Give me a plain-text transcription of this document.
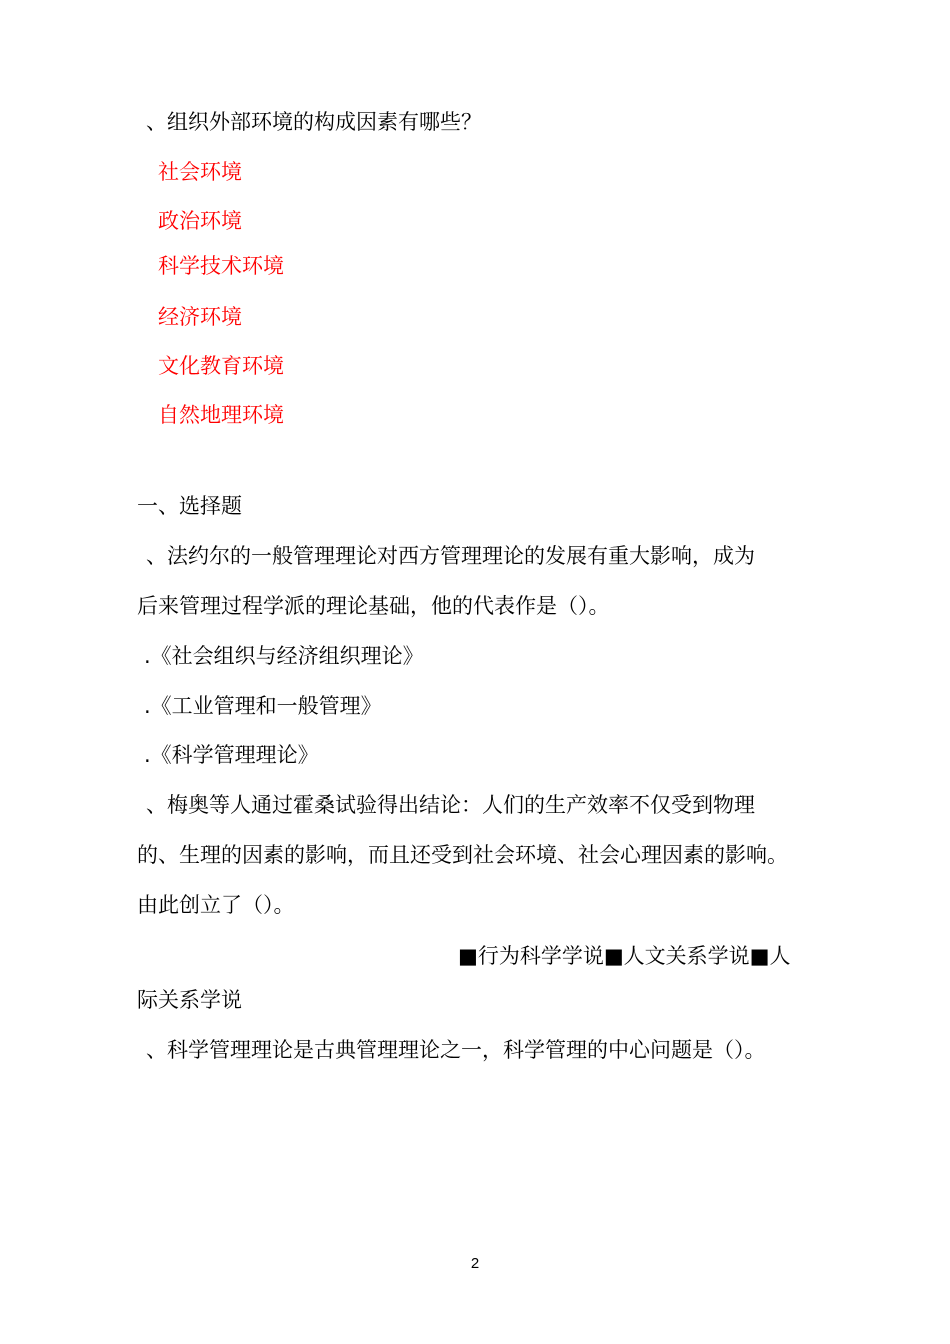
、组织外部环境的构成因素有哪些？

社会环境

政治环境

科学技术环境

经济环境

文化教育环境

自然地理环境

一、选择题

、法约尔的一般管理理论对西方管理理论的发展有重大影响，成为

后来管理过程学派的理论基础，他的代表作是（）。

.《社会组织与经济组织理论》

.《工业管理和一般管理》

.《科学管理理论》

、梅奥等人通过霍桑试验得出结论：人们的生产效率不仅受到物理

的、生理的因素的影响，而且还受到社会环境、社会心理因素的影响。

由此创立了（）。

■行为科学学说■人文关系学说■人

际关系学说

、科学管理理论是古典管理理论之一，科学管理的中心问题是（）。

2
